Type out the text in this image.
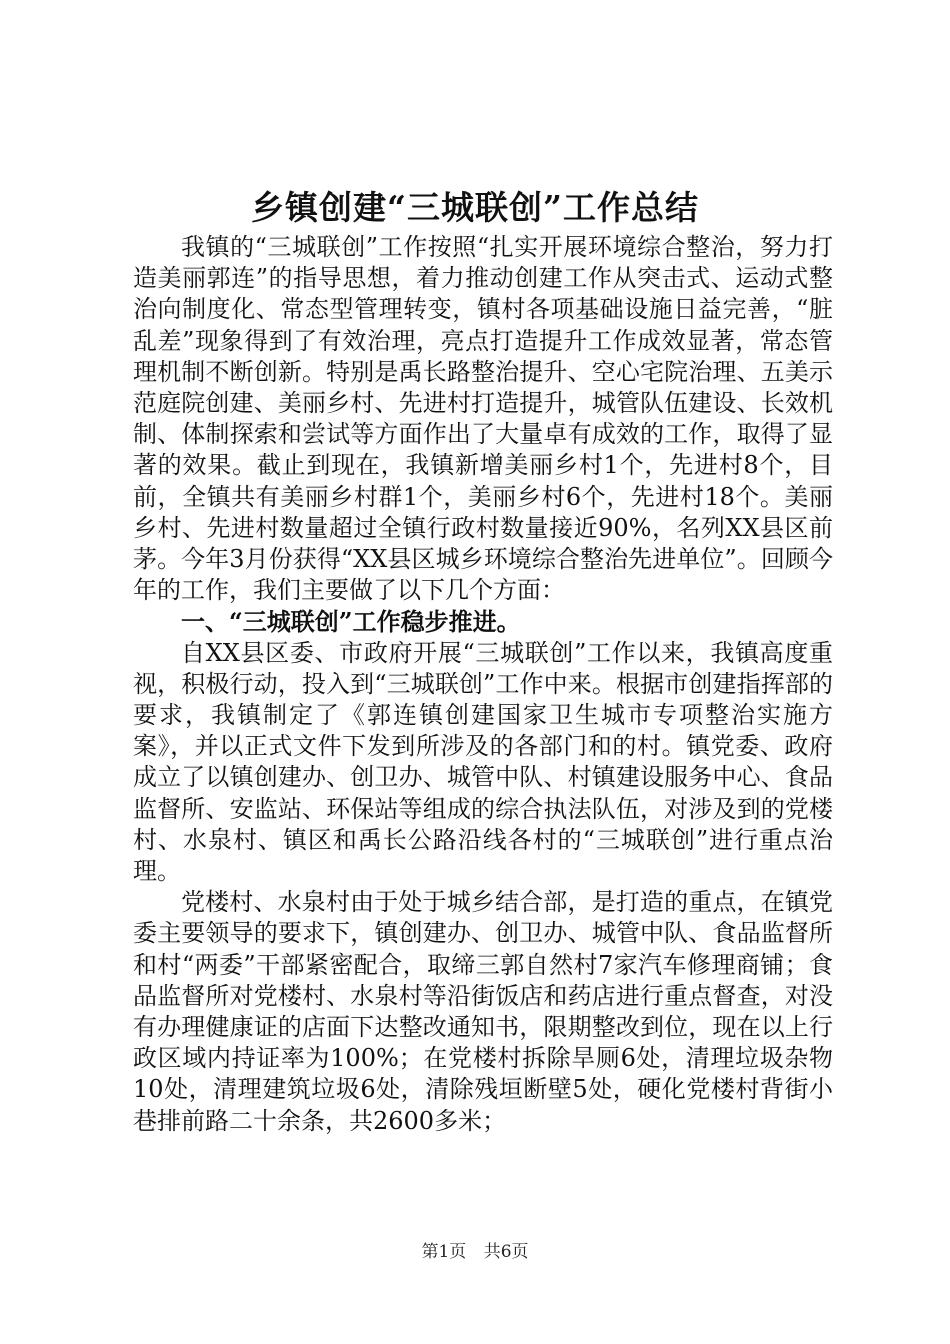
乡镇创建“三城联创”工作总结

我镇的“三城联创”工作按照“扎实开展环境综合整治，努力打造美丽郭连”的指导思想，着力推动创建工作从突击式、运动式整治向制度化、常态型管理转变，镇村各项基础设施日益完善，“脏乱差”现象得到了有效治理，亮点打造提升工作成效显著，常态管理机制不断创新。特别是禹长路整治提升、空心宅院治理、五美示范庭院创建、美丽乡村、先进村打造提升，城管队伍建设、长效机制、体制探索和尝试等方面作出了大量卓有成效的工作，取得了显著的效果。截止到现在，我镇新增美丽乡村1个，先进村8个，目前，全镇共有美丽乡村群1个，美丽乡村6个，先进村18个。美丽乡村、先进村数量超过全镇行政村数量接近90%，名列XX县区前茅。今年3月份获得“XX县区城乡环境综合整治先进单位”。回顾今年的工作，我们主要做了以下几个方面：

一、“三城联创”工作稳步推进。

自XX县区委、市政府开展“三城联创”工作以来，我镇高度重视，积极行动，投入到“三城联创”工作中来。根据市创建指挥部的要求，我镇制定了《郭连镇创建国家卫生城市专项整治实施方案》，并以正式文件下发到所涉及的各部门和的村。镇党委、政府成立了以镇创建办、创卫办、城管中队、村镇建设服务中心、食品监督所、安监站、环保站等组成的综合执法队伍，对涉及到的党楼村、水泉村、镇区和禹长公路沿线各村的“三城联创”进行重点治理。

党楼村、水泉村由于处于城乡结合部，是打造的重点，在镇党委主要领导的要求下，镇创建办、创卫办、城管中队、食品监督所和村“两委”干部紧密配合，取缔三郭自然村7家汽车修理商铺；食品监督所对党楼村、水泉村等沿街饭店和药店进行重点督查，对没有办理健康证的店面下达整改通知书，限期整改到位，现在以上行政区域内持证率为100%；在党楼村拆除旱厕6处，清理垃圾杂物10处，清理建筑垃圾6处，清除残垣断壁5处，硬化党楼村背街小巷排前路二十余条，共2600多米；

第1页 共6页
